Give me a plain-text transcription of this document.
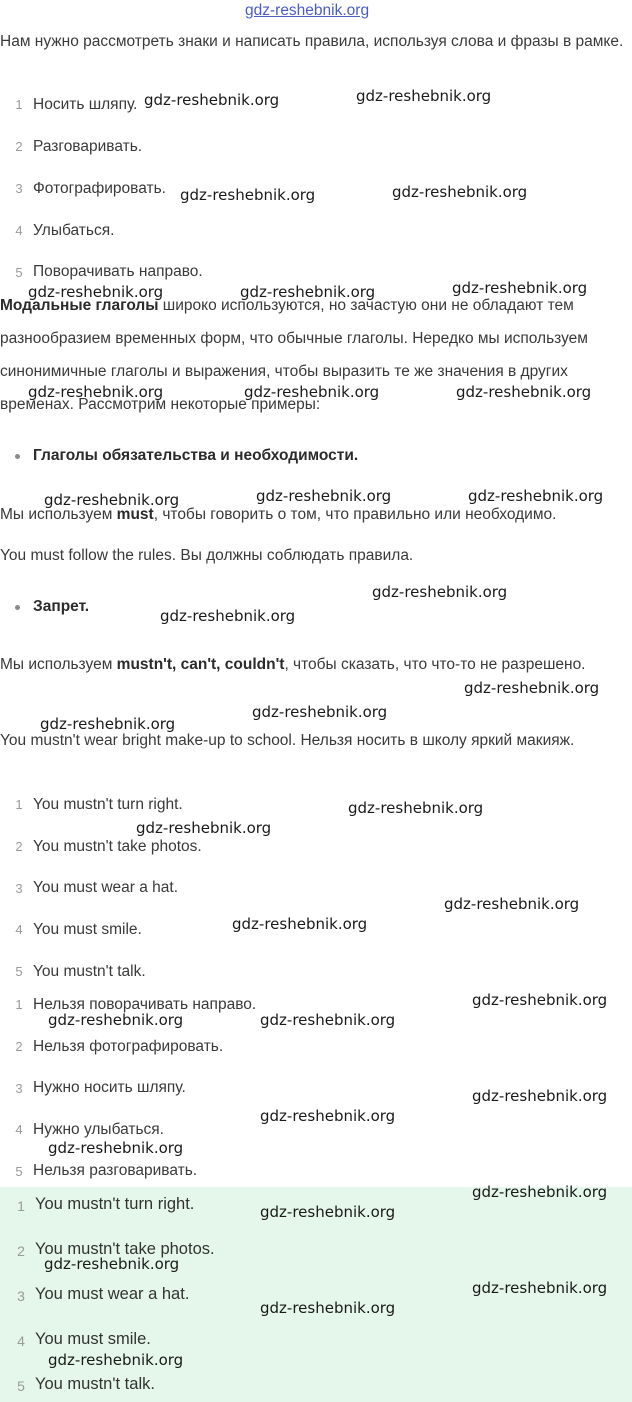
gdz-reshebnik.org
Нам нужно рассмотреть знаки и написать правила, используя слова и фразы в рамке.
1 Носить шляпу.
2 Разговаривать.
3 Фотографировать.
4 Улыбаться.
5 Поворачивать направо.
Модальные глаголы широко используются, но зачастую они не обладают тем разнообразием временных форм, что обычные глаголы. Нередко мы используем синонимичные глаголы и выражения, чтобы выразить те же значения в других временах. Рассмотрим некоторые примеры:
Глаголы обязательства и необходимости.
Мы используем must, чтобы говорить о том, что правильно или необходимо.
You must follow the rules. Вы должны соблюдать правила.
Запрет.
Мы используем mustn't, can't, couldn't, чтобы сказать, что что-то не разрешено.
You mustn't wear bright make-up to school. Нельзя носить в школу яркий макияж.
1 You mustn't turn right.
2 You mustn't take photos.
3 You must wear a hat.
4 You must smile.
5 You mustn't talk.
1 Нельзя поворачивать направо.
2 Нельзя фотографировать.
3 Нужно носить шляпу.
4 Нужно улыбаться.
5 Нельзя разговаривать.
1 You mustn't turn right.
2 You mustn't take photos.
3 You must wear a hat.
4 You must smile.
5 You mustn't talk.
gdz-reshebnik.org	gdz-reshebnik.org
gdz-reshebnik.org	gdz-reshebnik.org
gdz-reshebnik.org	gdz-reshebnik.org	gdz-reshebnik.org
gdz-reshebnik.org	gdz-reshebnik.org	gdz-reshebnik.org
gdz-reshebnik.org	gdz-reshebnik.org	gdz-reshebnik.org
gdz-reshebnik.org
gdz-reshebnik.org
gdz-reshebnik.org
gdz-reshebnik.org
gdz-reshebnik.org
gdz-reshebnik.org
gdz-reshebnik.org
gdz-reshebnik.org
gdz-reshebnik.org
gdz-reshebnik.org
gdz-reshebnik.org	gdz-reshebnik.org
gdz-reshebnik.org
gdz-reshebnik.org
gdz-reshebnik.org
gdz-reshebnik.org
gdz-reshebnik.org
gdz-reshebnik.org
gdz-reshebnik.org
gdz-reshebnik.org
gdz-reshebnik.org
